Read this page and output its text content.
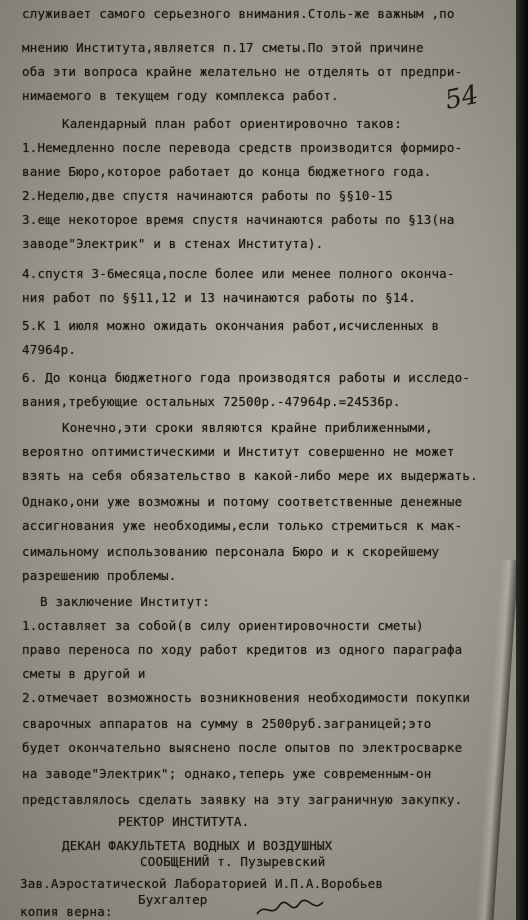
54
служивает самого серьезного внимания.Столь-же важным ,по
мнению Института,является п.17 сметы.По этой причине
оба эти вопроса крайне желательно не отделять от предпри-
нимаемого в текущем году комплекса работ.
Календарный план работ ориентировочно таков:
1.Немедленно после перевода средств производится формиро-
вание Бюро,которое работает до конца бюджетного года.
2.Неделю,две спустя начинаются работы по §§10-15
3.еще некоторое время спустя начинаются работы по §13(на
заводе"Электрик" и в стенах Института).
4.спустя 3-6месяца,после более или менее полного оконча-
ния работ по §§11,12 и 13 начинаются работы по §14.
5.К 1 июля можно ожидать окончания работ,исчисленных в
47964р.
6. До конца бюджетного года производятся работы и исследо-
вания,требующие остальных 72500р.-47964р.=24536р.
Конечно,эти сроки являются крайне приближенными,
вероятно оптимистическими и Институт совершенно не может
взять на себя обязательство в какой-либо мере их выдержать.
Однако,они уже возможны и потому соответственные денежные
ассигнования уже необходимы,если только стремиться к мак-
симальному использованию персонала Бюро и к скорейшему
разрешению проблемы.
В заключение Институт:
1.оставляет за собой(в силу ориентировочности сметы)
право переноса по ходу работ кредитов из одного параграфа
сметы в другой и
2.отмечает возможность возникновения необходимости покупки
сварочных аппаратов на сумму в 2500руб.заграницей;это
будет окончательно выяснено после опытов по электросварке
на заводе"Электрик"; однако,теперь уже современным-он
представлялось сделать заявку на эту заграничную закупку.
РЕКТОР ИНСТИТУТА.
ДЕКАН ФАКУЛЬТЕТА ВОДНЫХ И ВОЗДУШНЫХ
СООБЩЕНИЙ т. Пузыревский
Зав.Аэростатической Лабораторией И.П.А.Воробьев
Бухгалтер
копия верна:
